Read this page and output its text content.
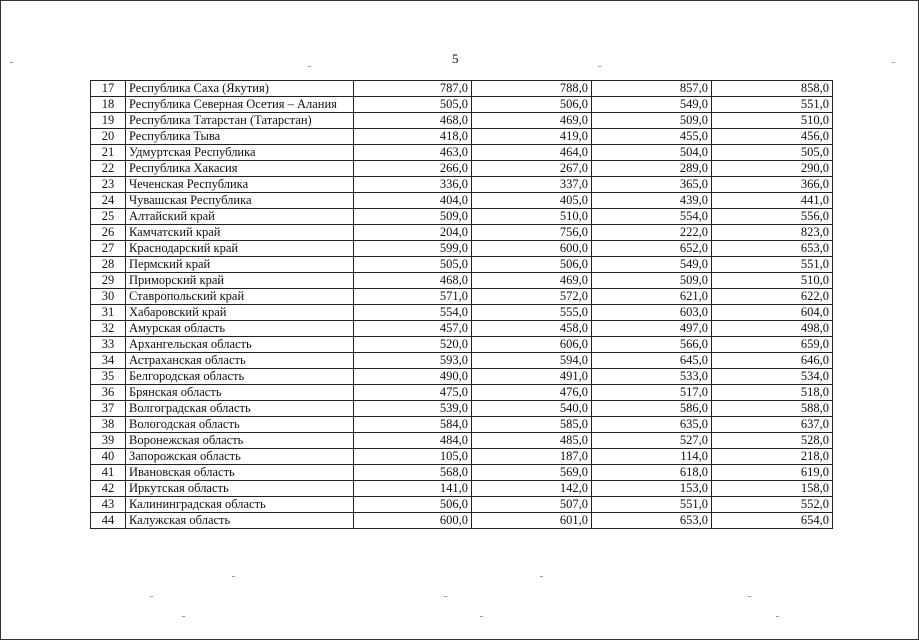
5
17	Республика Саха (Якутия)	787,0	788,0	857,0	858,0
18	Республика Северная Осетия – Алания	505,0	506,0	549,0	551,0
19	Республика Татарстан (Татарстан)	468,0	469,0	509,0	510,0
20	Республика Тыва	418,0	419,0	455,0	456,0
21	Удмуртская Республика	463,0	464,0	504,0	505,0
22	Республика Хакасия	266,0	267,0	289,0	290,0
23	Чеченская Республика	336,0	337,0	365,0	366,0
24	Чувашская Республика	404,0	405,0	439,0	441,0
25	Алтайский край	509,0	510,0	554,0	556,0
26	Камчатский край	204,0	756,0	222,0	823,0
27	Краснодарский край	599,0	600,0	652,0	653,0
28	Пермский край	505,0	506,0	549,0	551,0
29	Приморский край	468,0	469,0	509,0	510,0
30	Ставропольский край	571,0	572,0	621,0	622,0
31	Хабаровский край	554,0	555,0	603,0	604,0
32	Амурская область	457,0	458,0	497,0	498,0
33	Архангельская область	520,0	606,0	566,0	659,0
34	Астраханская область	593,0	594,0	645,0	646,0
35	Белгородская область	490,0	491,0	533,0	534,0
36	Брянская область	475,0	476,0	517,0	518,0
37	Волгоградская область	539,0	540,0	586,0	588,0
38	Вологодская область	584,0	585,0	635,0	637,0
39	Воронежская область	484,0	485,0	527,0	528,0
40	Запорожская область	105,0	187,0	114,0	218,0
41	Ивановская область	568,0	569,0	618,0	619,0
42	Иркутская область	141,0	142,0	153,0	158,0
43	Калининградская область	506,0	507,0	551,0	552,0
44	Калужская область	600,0	601,0	653,0	654,0
